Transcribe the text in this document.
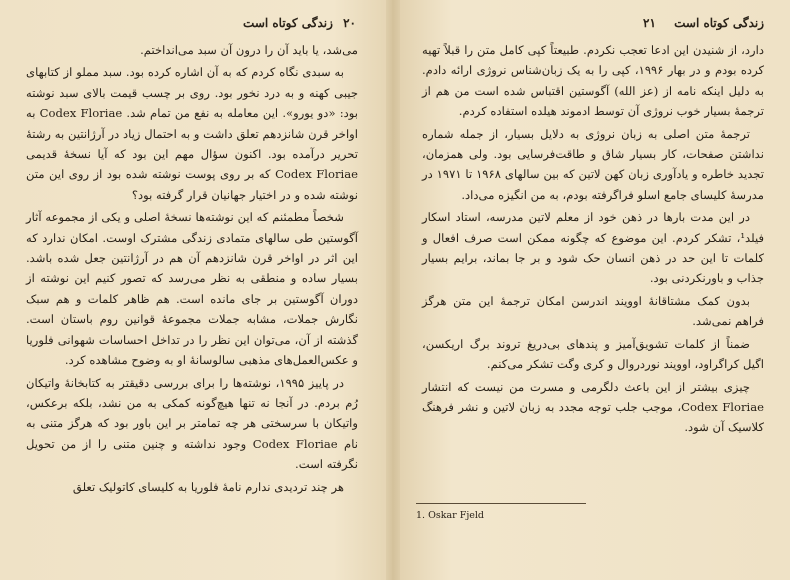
۲۰ زندگی کوتاه است

می‌شد، یا باید آن را درون آن سبد می‌انداختم.

به سبدی نگاه کردم که به آن اشاره کرده بود. سبد مملو از کتابهای جیبی کهنه و به درد نخور بود. روی بر چسب قیمت بالای سبد نوشته بود: «دو یورو». این معامله به نفع من تمام شد. Codex Floriae به اواخر قرن شانزدهم تعلق داشت و به احتمال زیاد در آرژانتین به رشتهٔ تحریر درآمده بود. اکنون سؤال مهم این بود که آیا نسخهٔ قدیمی Codex Floriae که بر روی پوست نوشته شده بود از روی این متن نوشته شده و در اختیار جهانیان قرار گرفته بود؟

شخصاً مطمئنم که این نوشته‌ها نسخهٔ اصلی و یکی از مجموعه آثار آگوستین طی سالهای متمادی زندگی مشترک اوست. امکان ندارد که این اثر در اواخر قرن شانزدهم آن هم در آرژانتین جعل شده باشد. بسیار ساده و منطقی به نظر می‌رسد که تصور کنیم این نوشته از دوران آگوستین بر جای مانده است. هم ظاهر کلمات و هم سبک نگارش جملات، مشابه جملات مجموعهٔ قوانین روم باستان است. گذشته از آن، می‌توان این نظر را در تداخل احساسات شهوانی فلوریا و عکس‌العمل‌های مذهبی سالوسانهٔ او به وضوح مشاهده کرد.

در پاییز ۱۹۹۵، نوشته‌ها را برای بررسی دقیقتر به کتابخانهٔ واتیکان رُم بردم. در آنجا نه تنها هیچ‌گونه کمکی به من نشد، بلکه برعکس، واتیکان با سرسختی هر چه تمامتر بر این باور بود که هرگز متنی به نام Codex Floriae وجود نداشته و چنین متنی را از من تحویل نگرفته است.

هر چند تردیدی ندارم نامهٔ فلوریا به کلیسای کاتولیک تعلق

زندگی کوتاه است ۲۱

دارد، از شنیدن این ادعا تعجب نکردم. طبیعتاً کپی کامل متن را قبلاً تهیه کرده بودم و در بهار ۱۹۹۶، کپی را به یک زبان‌شناس نروژی ارائه دادم. به دلیل اینکه نامه از (عز الله) آگوستین اقتباس شده است من هم از ترجمهٔ بسیار خوب نروژی آن توسط ادموند هیلده استفاده کردم.

ترجمهٔ متن اصلی به زبان نروژی به دلایل بسیار، از جمله شماره نداشتن صفحات، کار بسیار شاق و طاقت‌فرسایی بود. ولی همزمان، تجدید خاطره و یادآوری زبان کهن لاتین که بین سالهای ۱۹۶۸ تا ۱۹۷۱ در مدرسهٔ کلیسای جامع اسلو فراگرفته بودم، به من انگیزه می‌داد.

در این مدت بارها در ذهن خود از معلم لاتین مدرسه، استاد اسکار فیلد¹، تشکر کردم. این موضوع که چگونه ممکن است صرف افعال و کلمات تا این حد در ذهن انسان حک شود و بر جا بماند، برایم بسیار جذاب و باورنکردنی بود.

بدون کمک مشتاقانهٔ اوویند اندرسن امکان ترجمهٔ این متن هرگز فراهم نمی‌شد.

ضمناً از کلمات تشویق‌آمیز و پندهای بی‌دریغ تروند برگ اریکسن، اگیل کراگراود، اوویند نوردروال و کری وگت تشکر می‌کنم.

چیزی بیشتر از این باعث دلگرمی و مسرت من نیست که انتشار Codex Floriae، موجب جلب توجه مجدد به زبان لاتین و نشر فرهنگ کلاسیک آن شود.

1. Oskar Fjeld
